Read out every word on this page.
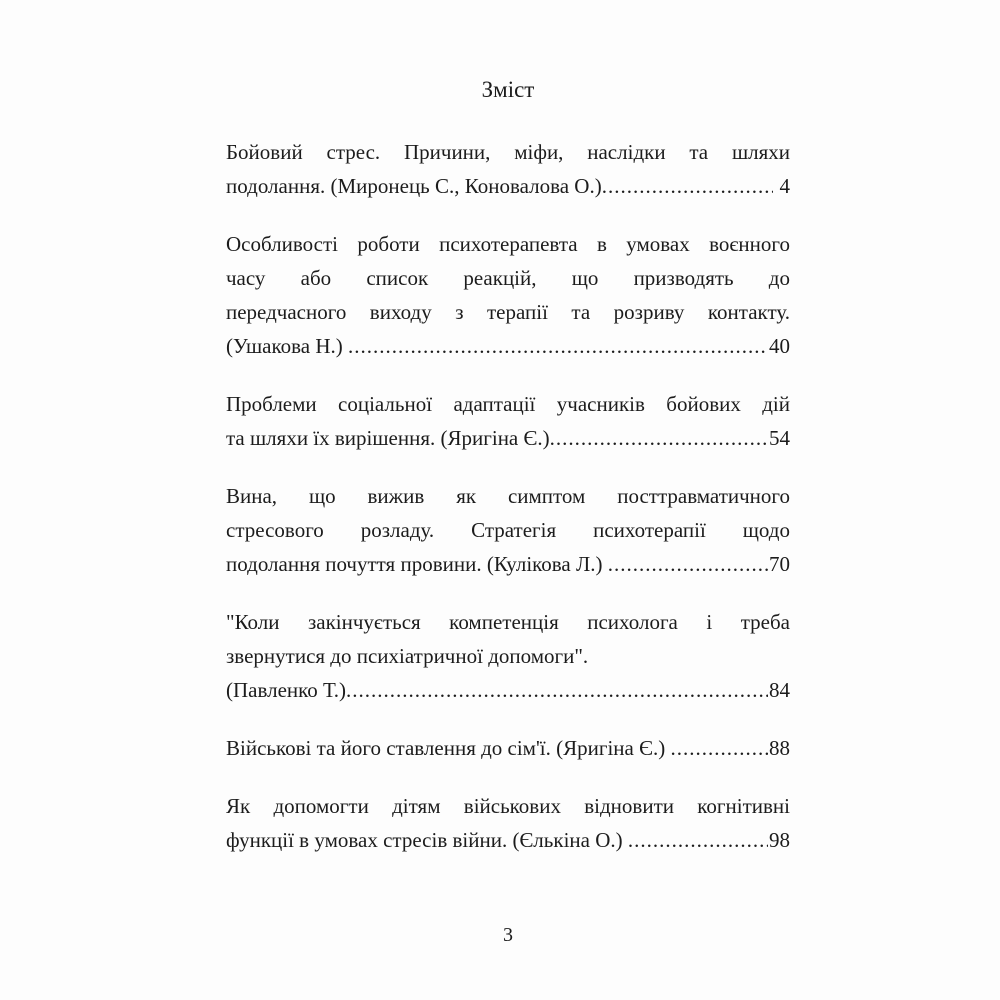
Зміст
Бойовий стрес. Причини, міфи, наслідки та шляхи
подолання. (Миронець С., Коновалова О.) .....	4
Особливості роботи психотерапевта в умовах воєнного
часу або список реакцій, що призводять до
передчасного виходу з терапії та розриву контакту.
(Ушакова Н.) .....	40
Проблеми соціальної адаптації учасників бойових дій
та шляхи їх вирішення. (Яригіна Є.) .....	54
Вина, що вижив як симптом посттравматичного
стресового розладу. Стратегія психотерапії щодо
подолання почуття провини. (Кулікова Л.) .....	70
"Коли закінчується компетенція психолога і треба
звернутися до психіатричної допомоги".
(Павленко Т.) .....	84
Військові та його ставлення до сім'ї. (Яригіна Є.) .....	88
Як допомогти дітям військових відновити когнітивні
функції в умовах стресів війни. (Єлькіна О.) .....	98
3
